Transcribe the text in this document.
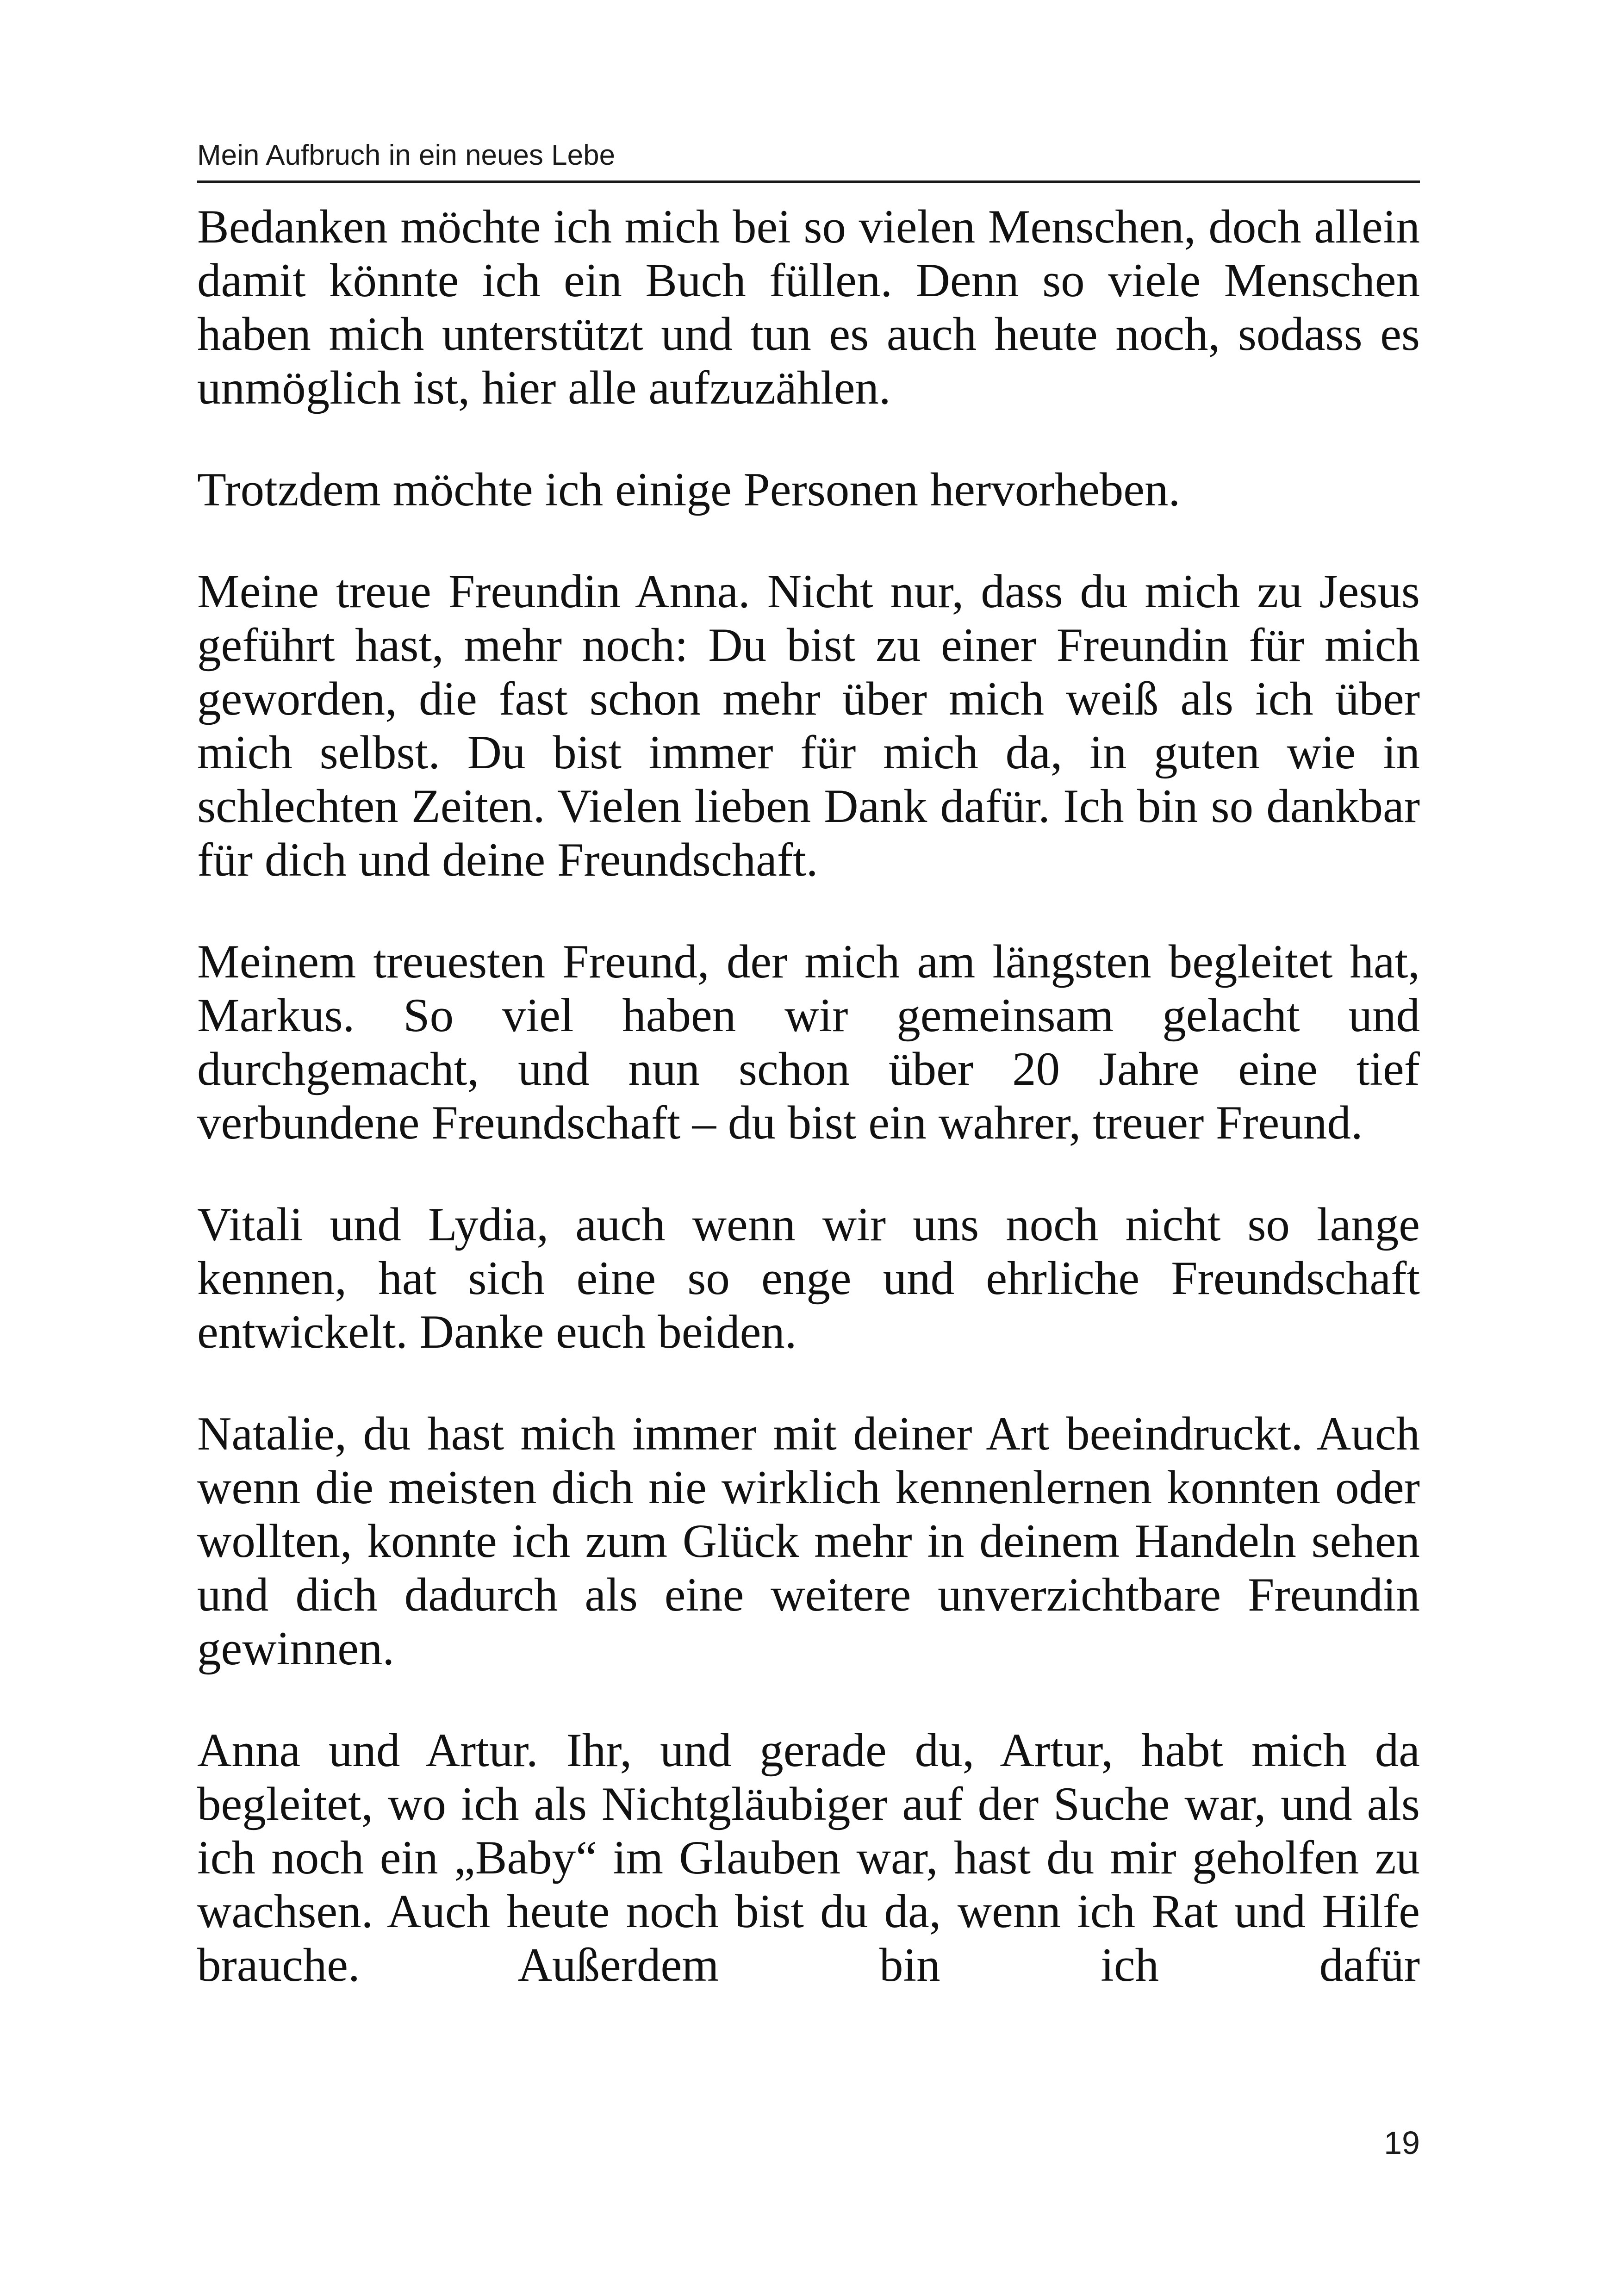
Mein Aufbruch in ein neues Lebe

Bedanken möchte ich mich bei so vielen Menschen, doch allein damit könnte ich ein Buch füllen. Denn so viele Menschen haben mich unterstützt und tun es auch heute noch, sodass es unmöglich ist, hier alle aufzuzählen.

Trotzdem möchte ich einige Personen hervorheben.

Meine treue Freundin Anna. Nicht nur, dass du mich zu Jesus geführt hast, mehr noch: Du bist zu einer Freundin für mich geworden, die fast schon mehr über mich weiß als ich über mich selbst. Du bist immer für mich da, in guten wie in schlechten Zeiten. Vielen lieben Dank dafür. Ich bin so dankbar für dich und deine Freundschaft.

Meinem treuesten Freund, der mich am längsten begleitet hat, Markus. So viel haben wir gemeinsam gelacht und durchgemacht, und nun schon über 20 Jahre eine tief verbundene Freundschaft – du bist ein wahrer, treuer Freund.

Vitali und Lydia, auch wenn wir uns noch nicht so lange kennen, hat sich eine so enge und ehrliche Freundschaft entwickelt. Danke euch beiden.

Natalie, du hast mich immer mit deiner Art beeindruckt. Auch wenn die meisten dich nie wirklich kennenlernen konnten oder wollten, konnte ich zum Glück mehr in deinem Handeln sehen und dich dadurch als eine weitere unverzichtbare Freundin gewinnen.

Anna und Artur. Ihr, und gerade du, Artur, habt mich da begleitet, wo ich als Nichtgläubiger auf der Suche war, und als ich noch ein „Baby“ im Glauben war, hast du mir geholfen zu wachsen. Auch heute noch bist du da, wenn ich Rat und Hilfe brauche. Außerdem bin ich dafür

19
